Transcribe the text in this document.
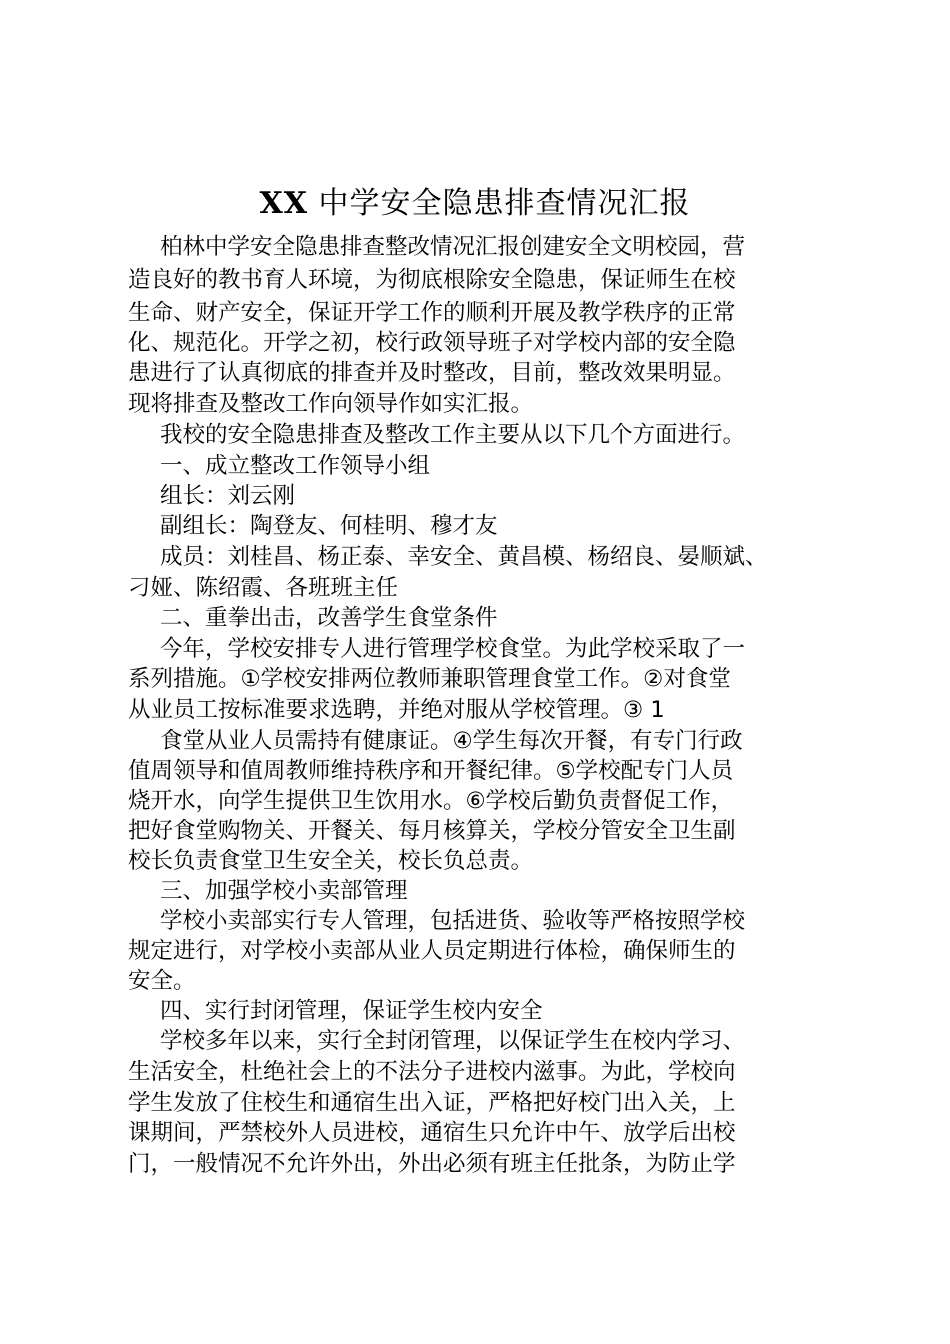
XX 中学安全隐患排查情况汇报
柏林中学安全隐患排查整改情况汇报创建安全文明校园，营
造良好的教书育人环境，为彻底根除安全隐患，保证师生在校
生命、财产安全，保证开学工作的顺利开展及教学秩序的正常
化、规范化。开学之初，校行政领导班子对学校内部的安全隐
患进行了认真彻底的排查并及时整改，目前，整改效果明显。
现将排查及整改工作向领导作如实汇报。
我校的安全隐患排查及整改工作主要从以下几个方面进行。
一、成立整改工作领导小组
组长：刘云刚
副组长：陶登友、何桂明、穆才友
成员：刘桂昌、杨正泰、幸安全、黄昌模、杨绍良、晏顺斌、
刁娅、陈绍霞、各班班主任
二、重拳出击，改善学生食堂条件
今年，学校安排专人进行管理学校食堂。为此学校采取了一
系列措施。①学校安排两位教师兼职管理食堂工作。②对食堂
从业员工按标准要求选聘，并绝对服从学校管理。③ 1
食堂从业人员需持有健康证。④学生每次开餐，有专门行政
值周领导和值周教师维持秩序和开餐纪律。⑤学校配专门人员
烧开水，向学生提供卫生饮用水。⑥学校后勤负责督促工作，
把好食堂购物关、开餐关、每月核算关，学校分管安全卫生副
校长负责食堂卫生安全关，校长负总责。
三、加强学校小卖部管理
学校小卖部实行专人管理，包括进货、验收等严格按照学校
规定进行，对学校小卖部从业人员定期进行体检，确保师生的
安全。
四、实行封闭管理，保证学生校内安全
学校多年以来，实行全封闭管理，以保证学生在校内学习、
生活安全，杜绝社会上的不法分子进校内滋事。为此，学校向
学生发放了住校生和通宿生出入证，严格把好校门出入关，上
课期间，严禁校外人员进校，通宿生只允许中午、放学后出校
门，一般情况不允许外出，外出必须有班主任批条，为防止学
